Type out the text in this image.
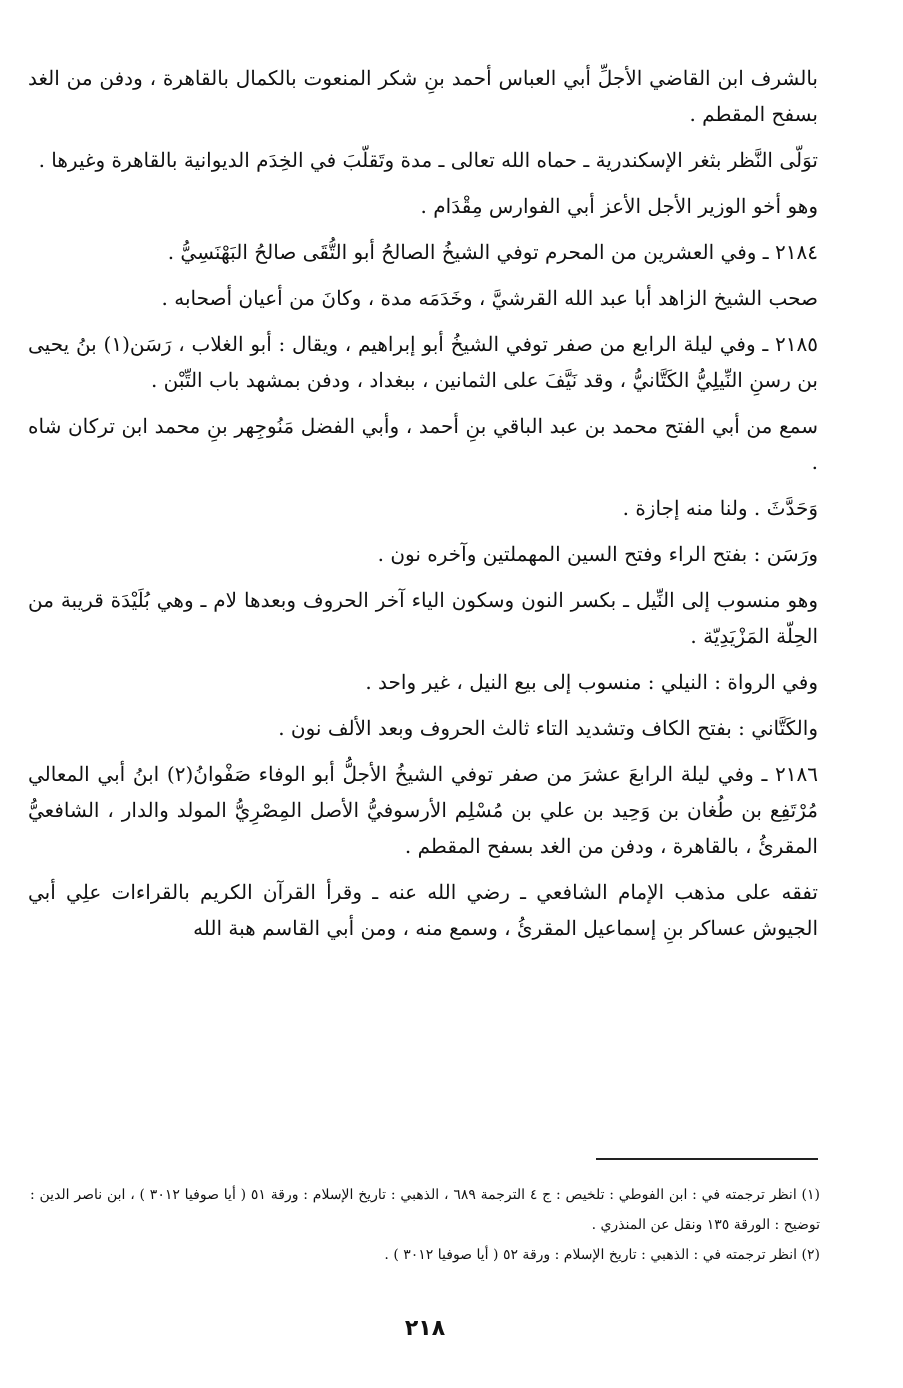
بالشرف ابن القاضي الأجلِّ أبي العباس أحمد بنِ شكر المنعوت بالكمال بالقاهرة ، ودفن من الغد بسفح المقطم .

توَلّى النَّظر بثغر الإسكندرية ـ حماه الله تعالى ـ مدة وتَقلّبَ في الخِدَم الديوانية بالقاهرة وغيرها .

وهو أخو الوزير الأجل الأعز أبي الفوارس مِقْدَام .

٢١٨٤ ـ وفي العشرين من المحرم توفي الشيخُ الصالحُ أبو التُّقَى صالحُ البَهْنَسِيُّ .

صحب الشيخ الزاهد أبا عبد الله القرشيَّ ، وخَدَمَه مدة ، وكانَ من أعيان أصحابه .

٢١٨٥ ـ وفي ليلة الرابع من صفر توفي الشيخُ أبو إبراهيم ، ويقال : أبو الغلاب ، رَسَن(١) بنُ يحيى بن رسنِ النِّيلِيُّ الكَتَّانيُّ ، وقد نَيَّفَ على الثمانين ، ببغداد ، ودفن بمشهد باب التِّبْن .

سمع من أبي الفتح محمد بن عبد الباقي بنِ أحمد ، وأبي الفضل مَنُوجِهر بنِ محمد ابن تركان شاه .

وَحَدَّثَ . ولنا منه إجازة .

ورَسَن : بفتح الراء وفتح السين المهملتين وآخره نون .

وهو منسوب إلى النِّيل ـ بكسر النون وسكون الياء آخر الحروف وبعدها لام ـ وهي بُلَيْدَة قريبة من الحِلّة المَزْيَدِيّة .

وفي الرواة : النيلي : منسوب إلى بيع النيل ، غير واحد .

والكَتَّاني : بفتح الكاف وتشديد التاء ثالث الحروف وبعد الألف نون .

٢١٨٦ ـ وفي ليلة الرابعَ عشرَ من صفر توفي الشيخُ الأجلُّ أبو الوفاء صَفْوانُ(٢) ابنُ أبي المعالي مُرْتَفِع بن طُغان بن وَحِيد بن علي بن مُسْلِم الأرسوفيُّ الأصل المِصْرِيُّ المولد والدار ، الشافعيُّ المقرئُ ، بالقاهرة ، ودفن من الغد بسفح المقطم .

تفقه على مذهب الإمام الشافعي ـ رضي الله عنه ـ وقرأ القرآن الكريم بالقراءات علِي أبي الجيوش عساكر بنِ إسماعيل المقرئُ ، وسمع منه ، ومن أبي القاسم هبة الله

(١) انظر ترجمته في : ابن الفوطي : تلخيص : ج ٤ الترجمة ٦٨٩ ، الذهبي : تاريخ الإسلام : ورقة ٥١ ( أيا صوفيا ٣٠١٢ ) ، ابن ناصر الدين : توضيح : الورقة ١٣٥ ونقل عن المنذري .

(٢) انظر ترجمته في : الذهبي : تاريخ الإسلام : ورقة ٥٢ ( أيا صوفيا ٣٠١٢ ) .

٢١٨
